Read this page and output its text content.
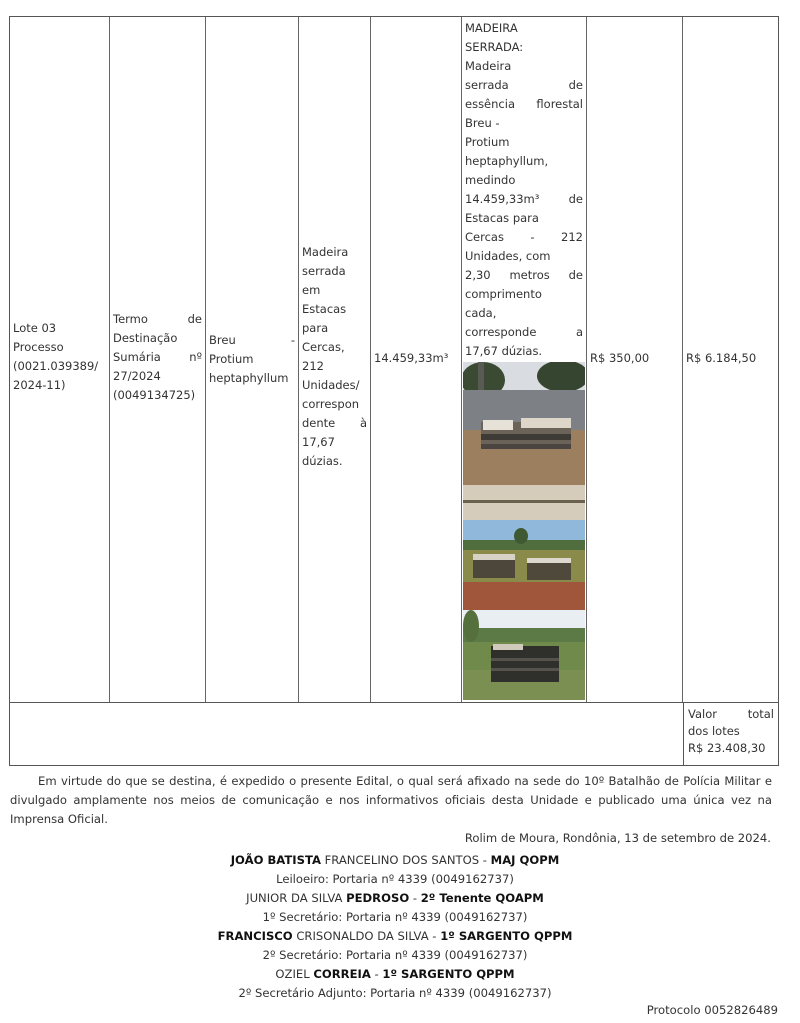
Lote 03
Processo
(0021.039389/
2024-11)
Termo de
Destinação
Sumária nº
27/2024
(0049134725)
Breu -
Protium
heptaphyllum
Madeira
serrada
em
Estacas
para
Cercas,
212
Unidades/
correspon
dente à
17,67
dúzias.
14.459,33m³
MADEIRA
SERRADA:
Madeira
serrada de
essência florestal
Breu -
Protium
heptaphyllum,
medindo
14.459,33m³ de
Estacas para
Cercas - 212
Unidades, com
2,30 metros de
comprimento
cada,
corresponde a
17,67 dúzias.	R$ 350,00	R$ 6.184,50
Valor total
dos lotes
R$ 23.408,30
Em virtude do que se destina, é expedido o presente Edital, o qual será afixado na sede do 10º Batalhão de Polícia Militar e divulgado amplamente nos meios de comunicação e nos informativos oficiais desta Unidade e publicado uma única vez na Imprensa Oficial.
Rolim de Moura, Rondônia, 13 de setembro de 2024.
JOÃO BATISTA FRANCELINO DOS SANTOS - MAJ QOPM
Leiloeiro: Portaria nº 4339 (0049162737)
JUNIOR DA SILVA PEDROSO - 2º Tenente QOAPM
1º Secretário: Portaria nº 4339 (0049162737)
FRANCISCO CRISONALDO DA SILVA - 1º SARGENTO QPPM
2º Secretário: Portaria nº 4339 (0049162737)
OZIEL CORREIA - 1º SARGENTO QPPM
2º Secretário Adjunto: Portaria nº 4339 (0049162737)
Protocolo 0052826489
